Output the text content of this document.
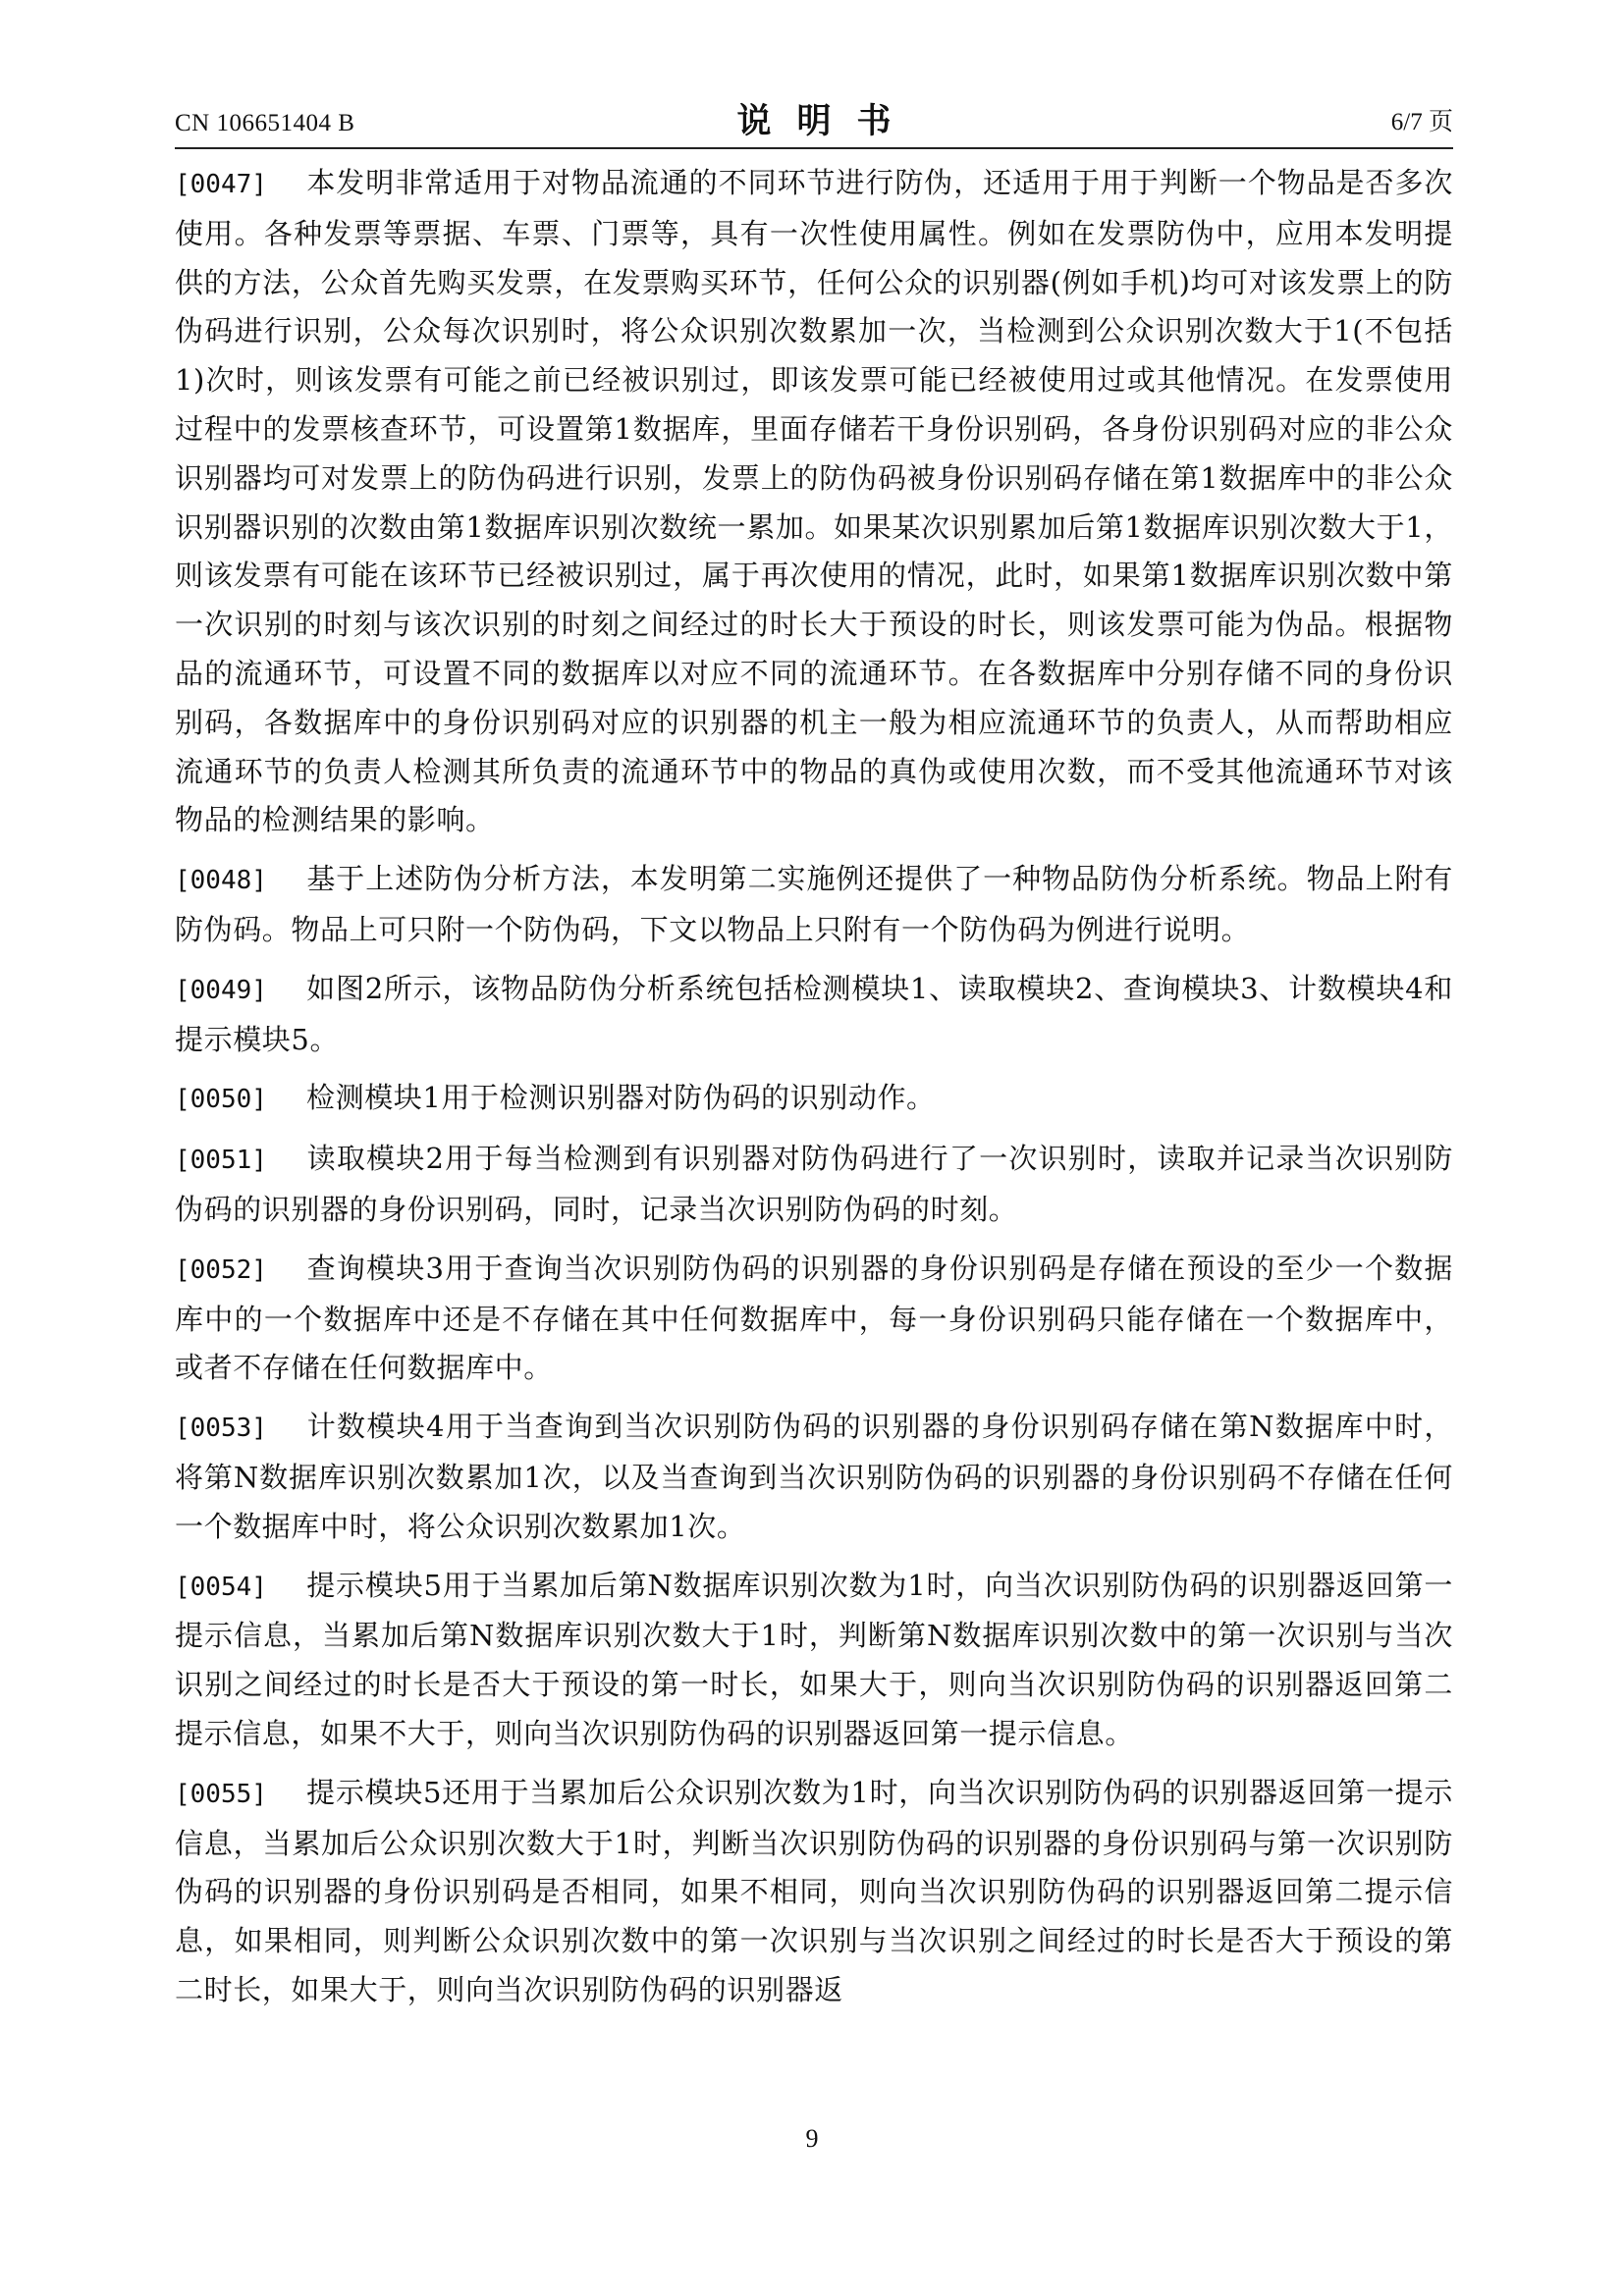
CN 106651404 B	说明书	6/7 页

[0047] 本发明非常适用于对物品流通的不同环节进行防伪，还适用于用于判断一个物品是否多次使用。各种发票等票据、车票、门票等，具有一次性使用属性。例如在发票防伪中，应用本发明提供的方法，公众首先购买发票，在发票购买环节，任何公众的识别器(例如手机)均可对该发票上的防伪码进行识别，公众每次识别时，将公众识别次数累加一次，当检测到公众识别次数大于1(不包括1)次时，则该发票有可能之前已经被识别过，即该发票可能已经被使用过或其他情况。在发票使用过程中的发票核查环节，可设置第1数据库，里面存储若干身份识别码，各身份识别码对应的非公众识别器均可对发票上的防伪码进行识别，发票上的防伪码被身份识别码存储在第1数据库中的非公众识别器识别的次数由第1数据库识别次数统一累加。如果某次识别累加后第1数据库识别次数大于1，则该发票有可能在该环节已经被识别过，属于再次使用的情况，此时，如果第1数据库识别次数中第一次识别的时刻与该次识别的时刻之间经过的时长大于预设的时长，则该发票可能为伪品。根据物品的流通环节，可设置不同的数据库以对应不同的流通环节。在各数据库中分别存储不同的身份识别码，各数据库中的身份识别码对应的识别器的机主一般为相应流通环节的负责人，从而帮助相应流通环节的负责人检测其所负责的流通环节中的物品的真伪或使用次数，而不受其他流通环节对该物品的检测结果的影响。

[0048] 基于上述防伪分析方法，本发明第二实施例还提供了一种物品防伪分析系统。物品上附有防伪码。物品上可只附一个防伪码，下文以物品上只附有一个防伪码为例进行说明。

[0049] 如图2所示，该物品防伪分析系统包括检测模块1、读取模块2、查询模块3、计数模块4和提示模块5。

[0050] 检测模块1用于检测识别器对防伪码的识别动作。

[0051] 读取模块2用于每当检测到有识别器对防伪码进行了一次识别时，读取并记录当次识别防伪码的识别器的身份识别码，同时，记录当次识别防伪码的时刻。

[0052] 查询模块3用于查询当次识别防伪码的识别器的身份识别码是存储在预设的至少一个数据库中的一个数据库中还是不存储在其中任何数据库中，每一身份识别码只能存储在一个数据库中，或者不存储在任何数据库中。

[0053] 计数模块4用于当查询到当次识别防伪码的识别器的身份识别码存储在第N数据库中时，将第N数据库识别次数累加1次，以及当查询到当次识别防伪码的识别器的身份识别码不存储在任何一个数据库中时，将公众识别次数累加1次。

[0054] 提示模块5用于当累加后第N数据库识别次数为1时，向当次识别防伪码的识别器返回第一提示信息，当累加后第N数据库识别次数大于1时，判断第N数据库识别次数中的第一次识别与当次识别之间经过的时长是否大于预设的第一时长，如果大于，则向当次识别防伪码的识别器返回第二提示信息，如果不大于，则向当次识别防伪码的识别器返回第一提示信息。

[0055] 提示模块5还用于当累加后公众识别次数为1时，向当次识别防伪码的识别器返回第一提示信息，当累加后公众识别次数大于1时，判断当次识别防伪码的识别器的身份识别码与第一次识别防伪码的识别器的身份识别码是否相同，如果不相同，则向当次识别防伪码的识别器返回第二提示信息，如果相同，则判断公众识别次数中的第一次识别与当次识别之间经过的时长是否大于预设的第二时长，如果大于，则向当次识别防伪码的识别器返

9
